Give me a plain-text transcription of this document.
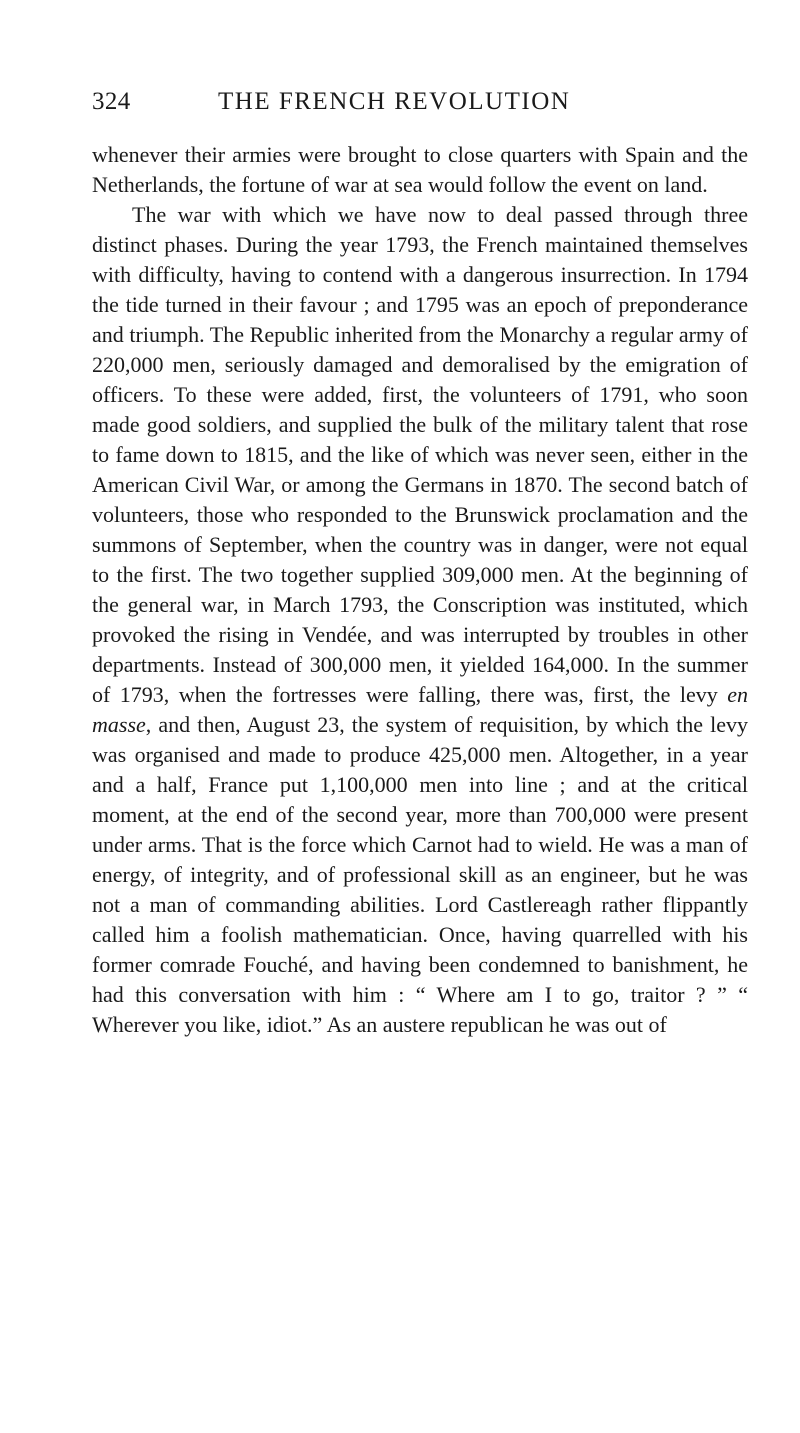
324	THE FRENCH REVOLUTION

whenever their armies were brought to close quarters with Spain and the Netherlands, the fortune of war at sea would follow the event on land.

The war with which we have now to deal passed through three distinct phases. During the year 1793, the French maintained themselves with difficulty, having to contend with a dangerous insurrection. In 1794 the tide turned in their favour ; and 1795 was an epoch of preponderance and triumph. The Republic inherited from the Monarchy a regular army of 220,000 men, seriously damaged and demoralised by the emigration of officers. To these were added, first, the volunteers of 1791, who soon made good soldiers, and supplied the bulk of the military talent that rose to fame down to 1815, and the like of which was never seen, either in the American Civil War, or among the Germans in 1870. The second batch of volunteers, those who responded to the Brunswick proclamation and the summons of September, when the country was in danger, were not equal to the first. The two together supplied 309,000 men. At the beginning of the general war, in March 1793, the Conscription was instituted, which provoked the rising in Vendée, and was interrupted by troubles in other departments. Instead of 300,000 men, it yielded 164,000. In the summer of 1793, when the fortresses were falling, there was, first, the levy en masse, and then, August 23, the system of requisition, by which the levy was organised and made to produce 425,000 men. Altogether, in a year and a half, France put 1,100,000 men into line ; and at the critical moment, at the end of the second year, more than 700,000 were present under arms. That is the force which Carnot had to wield. He was a man of energy, of integrity, and of professional skill as an engineer, but he was not a man of commanding abilities. Lord Castlereagh rather flippantly called him a foolish mathematician. Once, having quarrelled with his former comrade Fouché, and having been condemned to banishment, he had this conversation with him : “ Where am I to go, traitor ? ” “ Wherever you like, idiot.” As an austere republican he was out of
